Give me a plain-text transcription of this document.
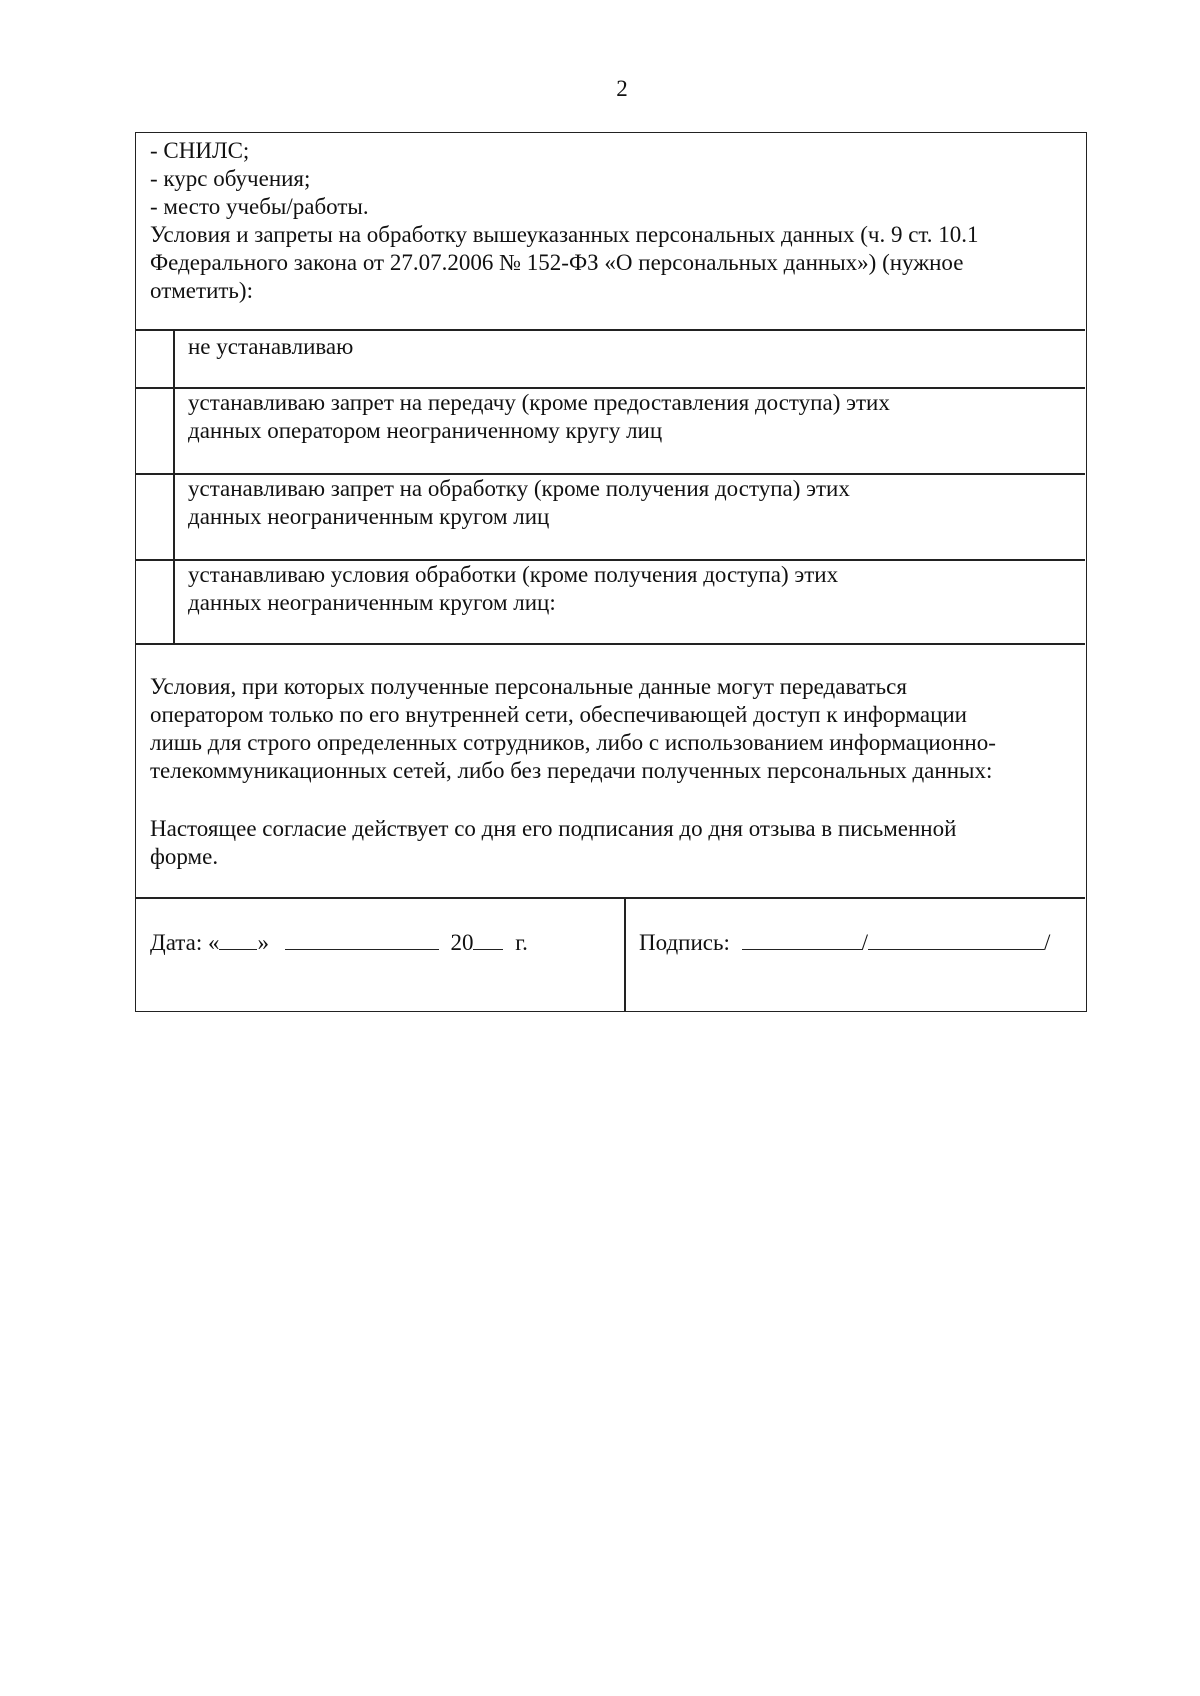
2
- СНИЛС;
- курс обучения;
- место учебы/работы.
Условия и запреты на обработку вышеуказанных персональных данных (ч. 9 ст. 10.1
Федерального закона от 27.07.2006 № 152-ФЗ «О персональных данных») (нужное
отметить):
не устанавливаю
устанавливаю запрет на передачу (кроме предоставления доступа) этих
данных оператором неограниченному кругу лиц
устанавливаю запрет на обработку (кроме получения доступа) этих
данных неограниченным кругом лиц
устанавливаю условия обработки (кроме получения доступа) этих
данных неограниченным кругом лиц:
Условия, при которых полученные персональные данные могут передаваться
оператором только по его внутренней сети, обеспечивающей доступ к информации
лишь для строго определенных сотрудников, либо с использованием информационно-
телекоммуникационных сетей, либо без передачи полученных персональных данных:
Настоящее согласие действует со дня его подписания до дня отзыва в письменной
форме.
Дата: « »	20 г.	Подпись:	/	/
